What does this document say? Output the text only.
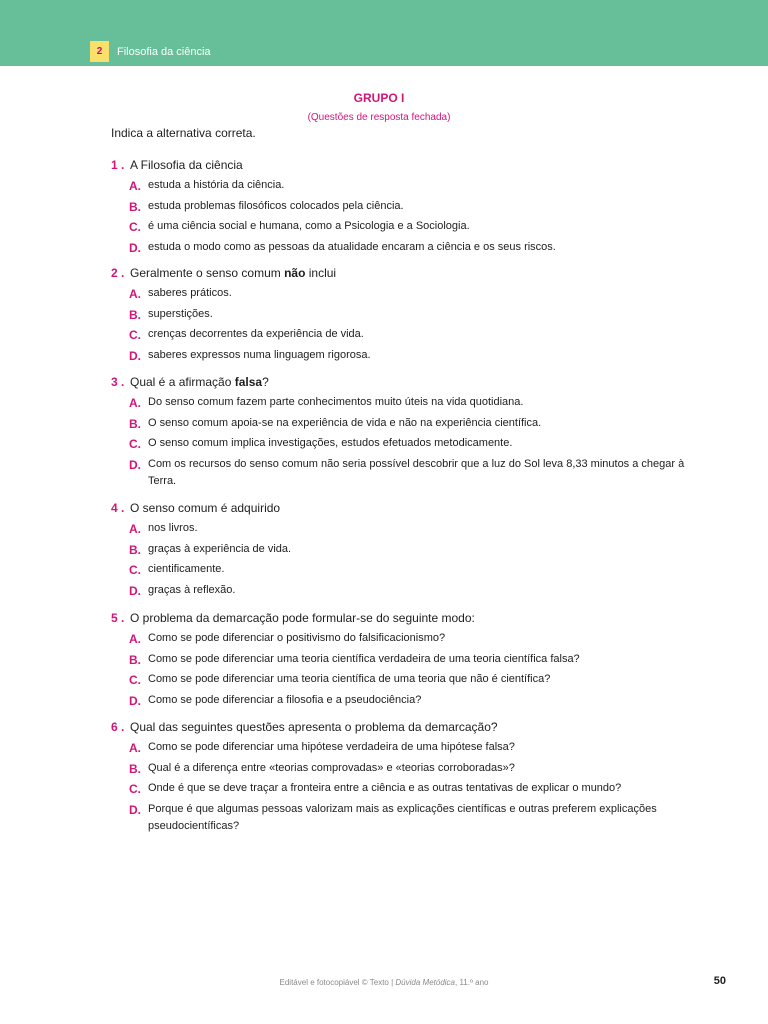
2	Filosofia da ciência
GRUPO I
(Questões de resposta fechada)
Indica a alternativa correta.
1 . A Filosofia da ciência
A. estuda a história da ciência.
B. estuda problemas filosóficos colocados pela ciência.
C. é uma ciência social e humana, como a Psicologia e a Sociologia.
D. estuda o modo como as pessoas da atualidade encaram a ciência e os seus riscos.
2 . Geralmente o senso comum não inclui
A. saberes práticos.
B. superstições.
C. crenças decorrentes da experiência de vida.
D. saberes expressos numa linguagem rigorosa.
3 . Qual é a afirmação falsa?
A. Do senso comum fazem parte conhecimentos muito úteis na vida quotidiana.
B. O senso comum apoia-se na experiência de vida e não na experiência científica.
C. O senso comum implica investigações, estudos efetuados metodicamente.
D. Com os recursos do senso comum não seria possível descobrir que a luz do Sol leva 8,33 minutos a chegar à Terra.
4 . O senso comum é adquirido
A. nos livros.
B. graças à experiência de vida.
C. cientificamente.
D. graças à reflexão.
5 . O problema da demarcação pode formular-se do seguinte modo:
A. Como se pode diferenciar o positivismo do falsificacionismo?
B. Como se pode diferenciar uma teoria científica verdadeira de uma teoria científica falsa?
C. Como se pode diferenciar uma teoria científica de uma teoria que não é científica?
D. Como se pode diferenciar a filosofia e a pseudociência?
6 . Qual das seguintes questões apresenta o problema da demarcação?
A. Como se pode diferenciar uma hipótese verdadeira de uma hipótese falsa?
B. Qual é a diferença entre «teorias comprovadas» e «teorias corroboradas»?
C. Onde é que se deve traçar a fronteira entre a ciência e as outras tentativas de explicar o mundo?
D. Porque é que algumas pessoas valorizam mais as explicações científicas e outras preferem explicações pseudocientíficas?
Editável e fotocopiável © Texto | Dúvida Metódica, 11.º ano	50
